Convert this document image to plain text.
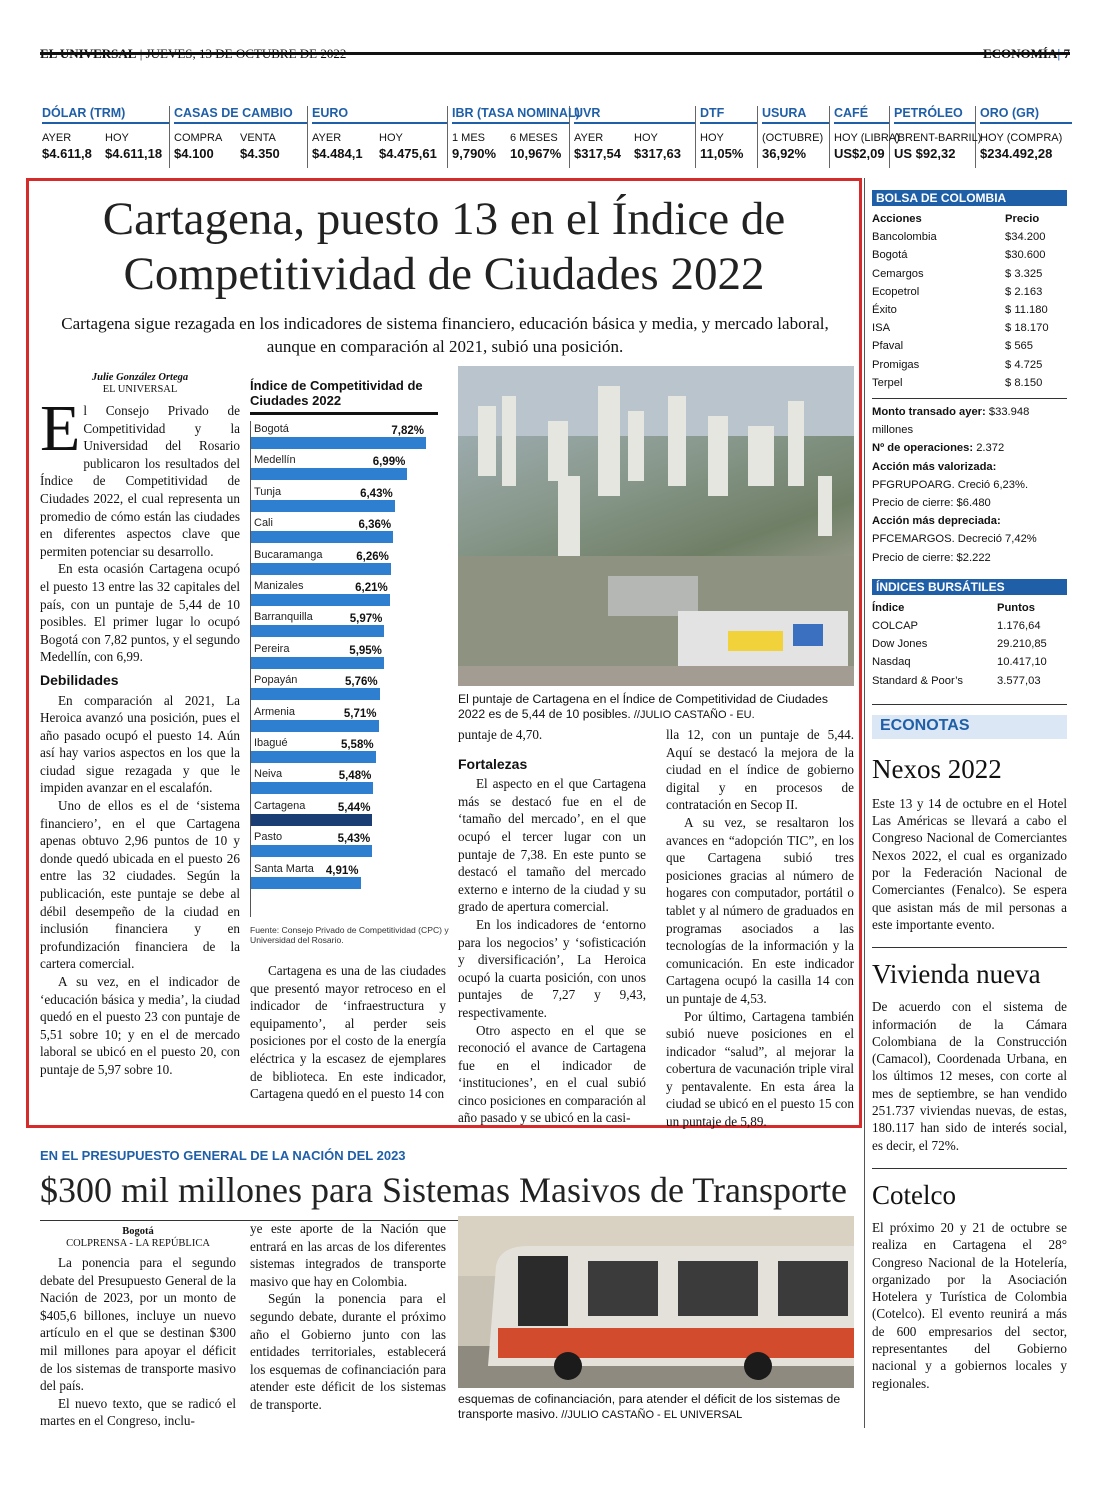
EL UNIVERSAL | JUEVES, 13 DE OCTUBRE DE 2022	ECONOMÍA| 7
DÓLAR (TRM)
AYER	HOY
$4.611,8	$4.611,18
CASAS DE CAMBIO
COMPRA	VENTA
$4.100	$4.350
EURO
AYER	HOY
$4.484,1	$4.475,61
IBR (TASA NOMINAL)
1 MES	6 MESES
9,790%	10,967%
UVR
AYER	HOY
$317,54	$317,63
DTF
HOY
11,05%
USURA
(OCTUBRE)
36,92%
CAFÉ
HOY (LIBRA)
US$2,09
PETRÓLEO
(BRENT-BARRIL)
US $92,32
ORO (GR)
HOY (COMPRA)
$234.492,28
Cartagena, puesto 13 en el Índice de
Competitividad de Ciudades 2022
Cartagena sigue rezagada en los indicadores de sistema financiero, educación básica y media, y mercado laboral, aunque en comparación al 2021, subió una posición.
Julie González Ortega
EL UNIVERSAL

El Consejo Privado de Competitividad y la Universidad del Rosario publicaron los resultados del Índice de Competitividad de Ciudades 2022, el cual representa un promedio de cómo están las ciudades en diferentes aspectos clave que permiten potenciar su desarrollo.

En esta ocasión Cartagena ocupó el puesto 13 entre las 32 capitales del país, con un puntaje de 5,44 de 10 posibles. El primer lugar lo ocupó Bogotá con 7,82 puntos, y el segundo Medellín, con 6,99.

Debilidades

En comparación al 2021, La Heroica avanzó una posición, pues el año pasado ocupó el puesto 14. Aún así hay varios aspectos en los que la ciudad sigue rezagada y que le impiden avanzar en el escalafón.

Uno de ellos es el de ‘sistema financiero’, en el que Cartagena apenas obtuvo 2,96 puntos de 10 y donde quedó ubicada en el puesto 26 entre las 32 ciudades. Según la publicación, este puntaje se debe al débil desempeño de la ciudad en inclusión financiera y en profundización financiera de la cartera comercial.

A su vez, en el indicador de ‘educación básica y media’, la ciudad quedó en el puesto 23 con puntaje de 5,51 sobre 10; y en el de mercado laboral se ubicó en el puesto 20, con puntaje de 5,97 sobre 10.

Índice de Competitividad de Ciudades 2022
Bogotá	7,82%
Medellín	6,99%
Tunja	6,43%
Cali	6,36%
Bucaramanga	6,26%
Manizales	6,21%
Barranquilla	5,97%
Pereira	5,95%
Popayán	5,76%
Armenia	5,71%
Ibagué	5,58%
Neiva	5,48%
Cartagena	5,44%
Pasto	5,43%
Santa Marta	4,91%
Fuente: Consejo Privado de Competitividad (CPC) y Universidad del Rosario.
El puntaje de Cartagena en el Índice de Competitividad de Ciudades 2022 es de 5,44 de 10 posibles. //JULIO CASTAÑO - EU.

Cartagena es una de las ciudades que presentó mayor retroceso en el indicador de ‘infraestructura y equipamento’, al perder seis posiciones por el costo de la energía eléctrica y la escasez de ejemplares de biblioteca. En este indicador, Cartagena quedó en el puesto 14 con

puntaje de 4,70.

Fortalezas

El aspecto en el que Cartagena más se destacó fue en el de ‘tamaño del mercado’, en el que ocupó el tercer lugar con un puntaje de 7,38. En este punto se destacó el tamaño del mercado externo e interno de la ciudad y su grado de apertura comercial.

En los indicadores de ‘entorno para los negocios’ y ‘sofisticación y diversificación’, La Heroica ocupó la cuarta posición, con unos puntajes de 7,27 y 9,43, respectivamente.

Otro aspecto en el que se reconoció el avance de Cartagena fue en el indicador de ‘instituciones’, en el cual subió cinco posiciones en comparación al año pasado y se ubicó en la casi-

lla 12, con un puntaje de 5,44. Aquí se destacó la mejora de la ciudad en el índice de gobierno digital y en procesos de contratación en Secop II.

A su vez, se resaltaron los avances en “adopción TIC”, en los que Cartagena subió tres posiciones gracias al número de hogares con computador, portátil o tablet y al número de graduados en programas asociados a las tecnologías de la información y la comunicación. En este indicador Cartagena ocupó la casilla 14 con un puntaje de 4,53.

Por último, Cartagena también subió nueve posiciones en el indicador “salud”, al mejorar la cobertura de vacunación triple viral y pentavalente. En esta área la ciudad se ubicó en el puesto 15 con un puntaje de 5,89.

BOLSA DE COLOMBIA
Acciones	Precio
Bancolombia	$34.200
Bogotá	$30.600
Cemargos	$ 3.325
Ecopetrol	$ 2.163
Éxito	$ 11.180
ISA	$ 18.170
Pfaval	$ 565
Promigas	$ 4.725
Terpel	$ 8.150
Monto transado ayer: $33.948 millones
Nº de operaciones: 2.372
Acción más valorizada:
PFGRUPOARG. Creció 6,23%.
Precio de cierre: $6.480
Acción más depreciada:
PFCEMARGOS. Decreció 7,42%
Precio de cierre: $2.222
ÍNDICES BURSÁTILES
Índice	Puntos
COLCAP	1.176,64
Dow Jones	29.210,85
Nasdaq	10.417,10
Standard & Poor’s	3.577,03
ECONOTAS
Nexos 2022
Este 13 y 14 de octubre en el Hotel Las Américas se llevará a cabo el Congreso Nacional de Comerciantes Nexos 2022, el cual es organizado por la Federación Nacional de Comerciantes (Fenalco). Se espera que asistan más de mil personas a este importante evento.
Vivienda nueva
De acuerdo con el sistema de información de la Cámara Colombiana de la Construcción (Camacol), Coordenada Urbana, en los últimos 12 meses, con corte al mes de septiembre, se han vendido 251.737 viviendas nuevas, de estas, 180.117 han sido de interés social, es decir, el 72%.
Cotelco
El próximo 20 y 21 de octubre se realiza en Cartagena el 28° Congreso Nacional de la Hotelería, organizado por la Asociación Hotelera y Turística de Colombia (Cotelco). El evento reunirá a más de 600 empresarios del sector, representantes del Gobierno nacional y a gobiernos locales y regionales.
EN EL PRESUPUESTO GENERAL DE LA NACIÓN DEL 2023
$300 mil millones para Sistemas Masivos de Transporte
Bogotá
COLPRENSA - LA REPÚBLICA

La ponencia para el segundo debate del Presupuesto General de la Nación de 2023, por un monto de $405,6 billones, incluye un nuevo artículo en el que se destinan $300 mil millones para apoyar el déficit de los sistemas de transporte masivo del país.

El nuevo texto, que se radicó el martes en el Congreso, inclu-

ye este aporte de la Nación que entrará en las arcas de los diferentes sistemas integrados de transporte masivo que hay en Colombia.

Según la ponencia para el segundo debate, durante el próximo año el Gobierno junto con las entidades territoriales, establecerá los esquemas de cofinanciación para atender este déficit de los sistemas de transporte.	esquemas de cofinanciación, para atender el déficit de los sistemas de transporte masivo. //JULIO CASTAÑO - EL UNIVERSAL
